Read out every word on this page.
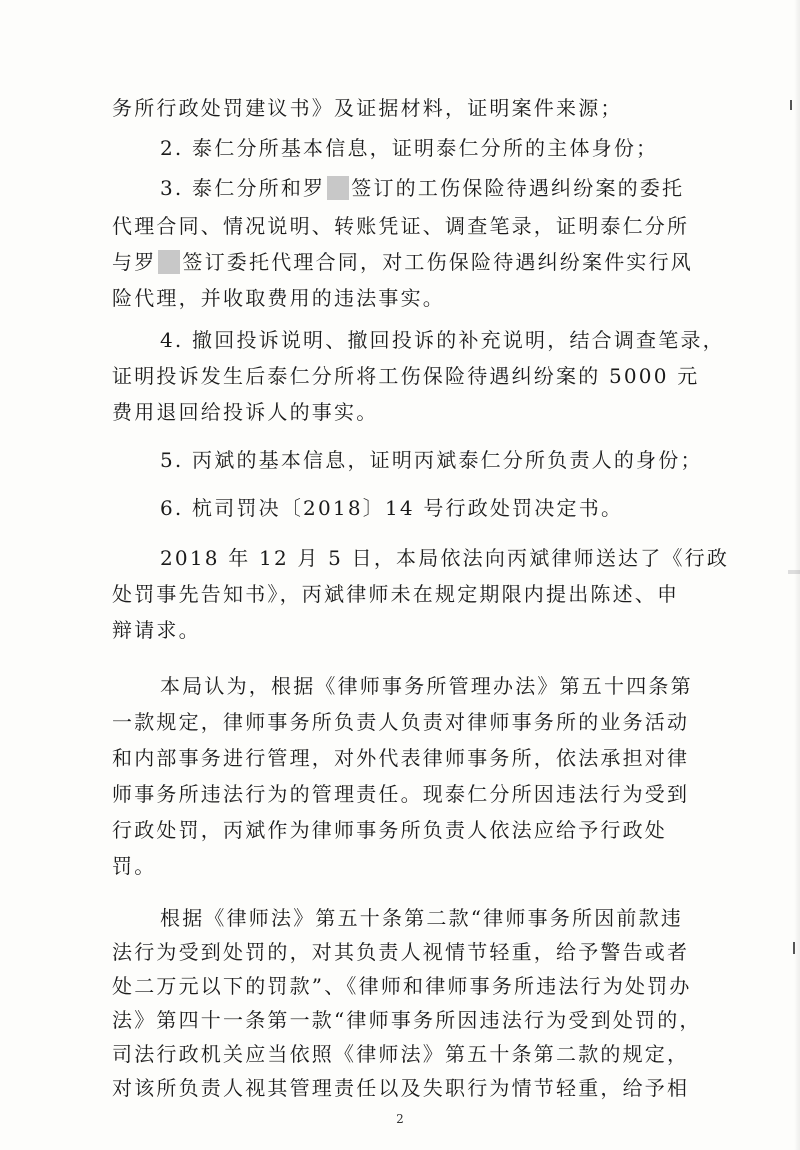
务所行政处罚建议书》及证据材料，证明案件来源；
2. 泰仁分所基本信息，证明泰仁分所的主体身份；
3. 泰仁分所和罗 签订的工伤保险待遇纠纷案的委托
代理合同、情况说明、转账凭证、调查笔录，证明泰仁分所
与罗 签订委托代理合同，对工伤保险待遇纠纷案件实行风
险代理，并收取费用的违法事实。
4. 撤回投诉说明、撤回投诉的补充说明，结合调查笔录，
证明投诉发生后泰仁分所将工伤保险待遇纠纷案的 5000 元
费用退回给投诉人的事实。
5. 丙斌的基本信息，证明丙斌泰仁分所负责人的身份；
6. 杭司罚决〔2018〕14 号行政处罚决定书。
2018 年 12 月 5 日，本局依法向丙斌律师送达了《行政
处罚事先告知书》，丙斌律师未在规定期限内提出陈述、申
辩请求。
本局认为，根据《律师事务所管理办法》第五十四条第
一款规定，律师事务所负责人负责对律师事务所的业务活动
和内部事务进行管理，对外代表律师事务所，依法承担对律
师事务所违法行为的管理责任。现泰仁分所因违法行为受到
行政处罚，丙斌作为律师事务所负责人依法应给予行政处
罚。
根据《律师法》第五十条第二款“律师事务所因前款违
法行为受到处罚的，对其负责人视情节轻重，给予警告或者
处二万元以下的罚款”、《律师和律师事务所违法行为处罚办
法》第四十一条第一款“律师事务所因违法行为受到处罚的，
2
司法行政机关应当依照《律师法》第五十条第二款的规定，
对该所负责人视其管理责任以及失职行为情节轻重，给予相
